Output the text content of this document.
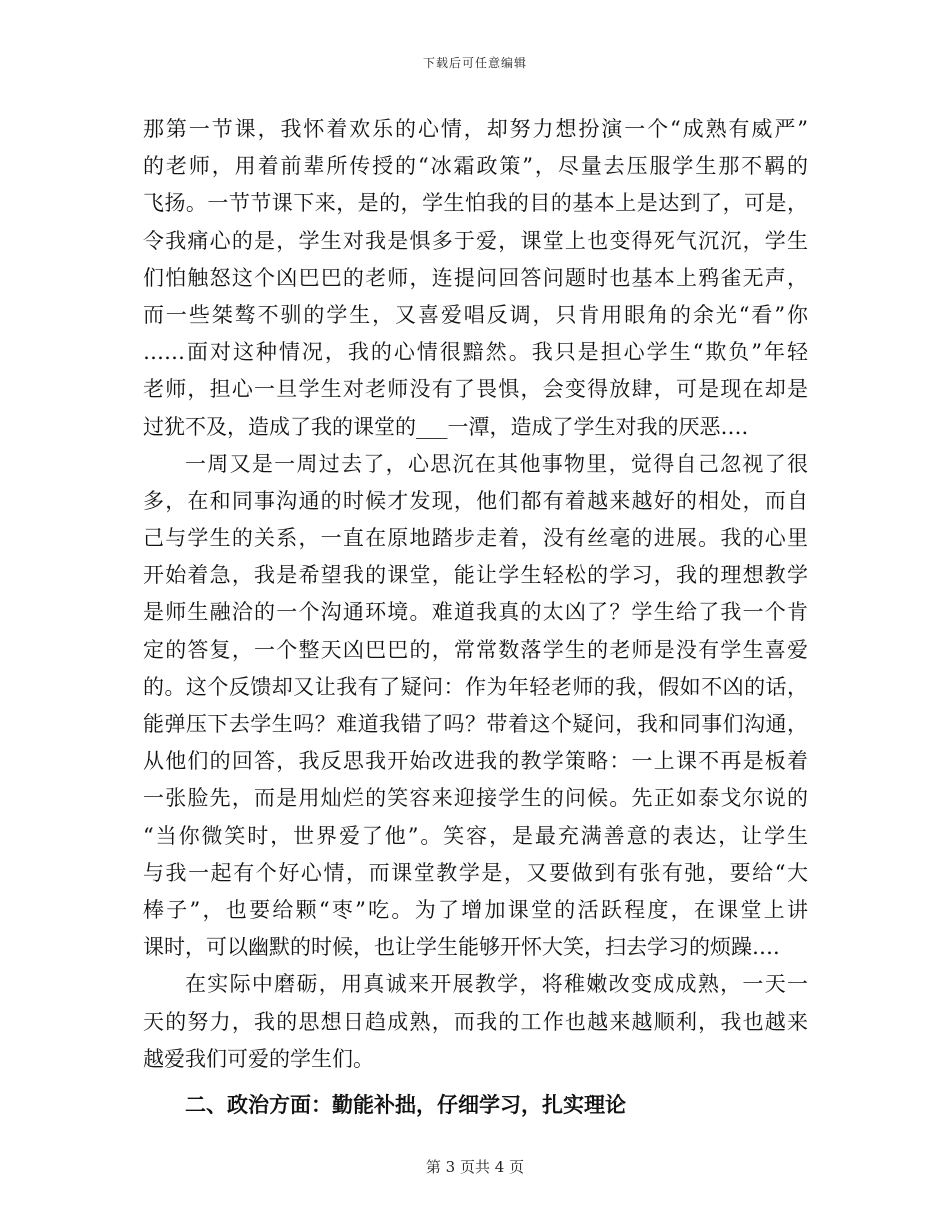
下载后可任意编辑
那第一节课，我怀着欢乐的心情，却努力想扮演一个“成熟有威严”
的老师，用着前辈所传授的“冰霜政策”，尽量去压服学生那不羁的
飞扬。一节节课下来，是的，学生怕我的目的基本上是达到了，可是，
令我痛心的是，学生对我是惧多于爱，课堂上也变得死气沉沉，学生
们怕触怒这个凶巴巴的老师，连提问回答问题时也基本上鸦雀无声，
而一些桀骜不驯的学生，又喜爱唱反调，只肯用眼角的余光“看”你
……面对这种情况，我的心情很黯然。我只是担心学生“欺负”年轻
老师，担心一旦学生对老师没有了畏惧，会变得放肆，可是现在却是
过犹不及，造成了我的课堂的___一潭，造成了学生对我的厌恶….
一周又是一周过去了，心思沉在其他事物里，觉得自己忽视了很
多，在和同事沟通的时候才发现，他们都有着越来越好的相处，而自
己与学生的关系，一直在原地踏步走着，没有丝毫的进展。我的心里
开始着急，我是希望我的课堂，能让学生轻松的学习，我的理想教学
是师生融洽的一个沟通环境。难道我真的太凶了？学生给了我一个肯
定的答复，一个整天凶巴巴的，常常数落学生的老师是没有学生喜爱
的。这个反馈却又让我有了疑问：作为年轻老师的我，假如不凶的话，
能弹压下去学生吗？难道我错了吗？带着这个疑问，我和同事们沟通，
从他们的回答，我反思我开始改进我的教学策略：一上课不再是板着
一张脸先，而是用灿烂的笑容来迎接学生的问候。先正如泰戈尔说的
“当你微笑时，世界爱了他”。笑容，是最充满善意的表达，让学生
与我一起有个好心情，而课堂教学是，又要做到有张有弛，要给“大
棒子”，也要给颗“枣”吃。为了增加课堂的活跃程度，在课堂上讲
课时，可以幽默的时候，也让学生能够开怀大笑，扫去学习的烦躁….
在实际中磨砺，用真诚来开展教学，将稚嫩改变成成熟，一天一
天的努力，我的思想日趋成熟，而我的工作也越来越顺利，我也越来
越爱我们可爱的学生们。
二、政治方面：勤能补拙，仔细学习，扎实理论
第 3 页共 4 页
